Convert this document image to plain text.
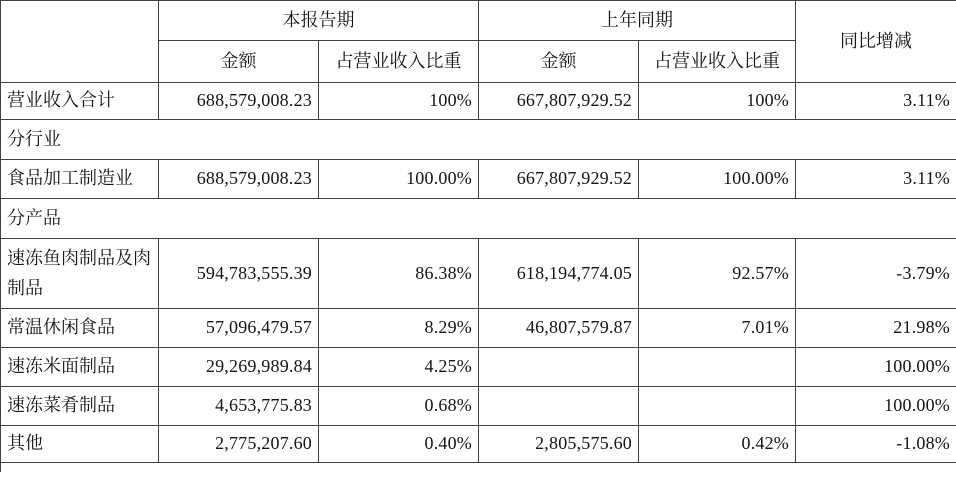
	本报告期		上年同期		同比增减
	金额	占营业收入比重	金额	占营业收入比重	
营业收入合计	688,579,008.23	100%	667,807,929.52	100%	3.11%
分行业					
食品加工制造业	688,579,008.23	100.00%	667,807,929.52	100.00%	3.11%
分产品					
速冻鱼肉制品及肉制品	594,783,555.39	86.38%	618,194,774.05	92.57%	-3.79%
常温休闲食品	57,096,479.57	8.29%	46,807,579.87	7.01%	21.98%
速冻米面制品	29,269,989.84	4.25%			100.00%
速冻菜肴制品	4,653,775.83	0.68%			100.00%
其他	2,775,207.60	0.40%	2,805,575.60	0.42%	-1.08%
